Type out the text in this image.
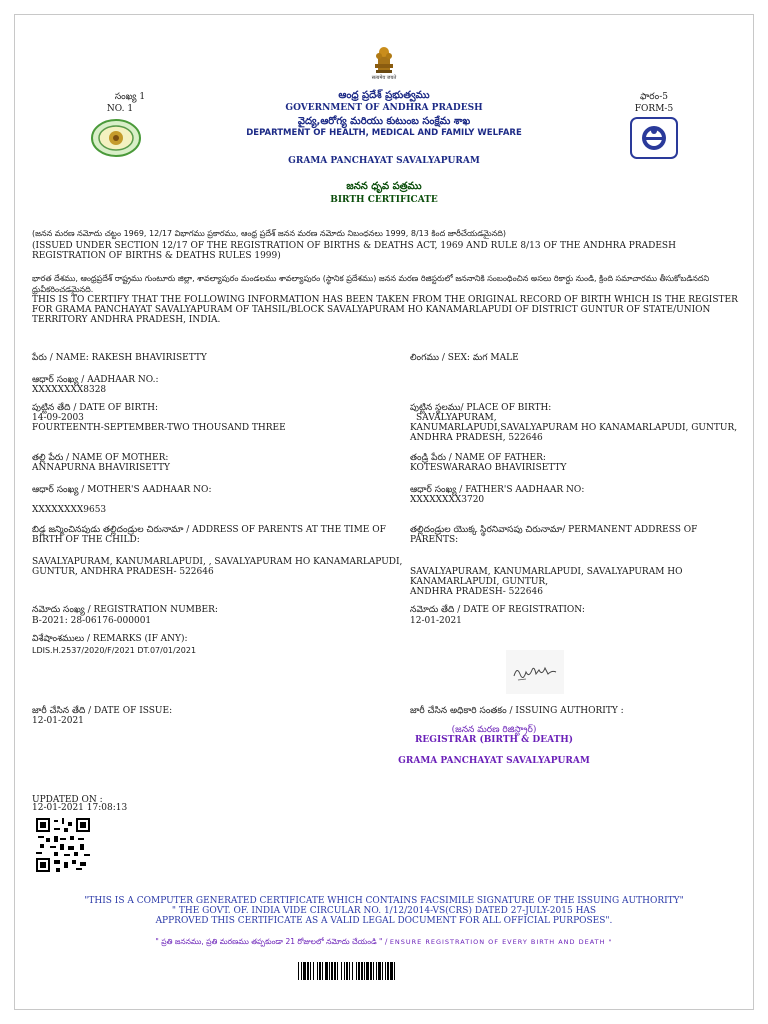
सत्यमेव जयते
సంఖ్య 1
NO. 1
ఆంధ్ర ప్రదేశ్ ప్రభుత్వము
GOVERNMENT OF ANDHRA PRADESH
వైద్య,ఆరోగ్య మరియు కుటుంబ సంక్షేమ శాఖ
DEPARTMENT OF HEALTH, MEDICAL AND FAMILY WELFARE
ఫారం-5
FORM-5
GRAMA PANCHAYAT SAVALYAPURAM
జనన ధృవ పత్రము
BIRTH CERTIFICATE
(జనన మరణ నమోదు చట్టం 1969, 12/17 విభాగము ప్రకారము, ఆంధ్ర ప్రదేశ్ జనన మరణ నమోదు నిబంధనలు 1999, 8/13 కింద జారీచేయడమైనది)
(ISSUED UNDER SECTION 12/17 OF THE REGISTRATION OF BIRTHS & DEATHS ACT, 1969 AND RULE 8/13 OF THE ANDHRA PRADESH REGISTRATION OF BIRTHS & DEATHS RULES 1999)
భారత దేశము, ఆంధ్రప్రదేశ్ రాష్ట్రము గుంటూరు జిల్లా, శావల్యాపురం మండలము శావల్యాపురం (స్థానిక ప్రదేశము) జనన మరణ రిజిస్టరులో జననానికి సంబంధించిన అసలు రికార్డు నుండి, క్రింది సమాచారము తీసుకోబడినదని ధ్రువీకరించడమైనది.
THIS IS TO CERTIFY THAT THE FOLLOWING INFORMATION HAS BEEN TAKEN FROM THE ORIGINAL RECORD OF BIRTH WHICH IS THE REGISTER FOR GRAMA PANCHAYAT SAVALYAPURAM OF TAHSIL/BLOCK SAVALYAPURAM HO KANAMARLAPUDI OF DISTRICT GUNTUR OF STATE/UNION TERRITORY ANDHRA PRADESH, INDIA.
పేరు / NAME: RAKESH BHAVIRISETTY	లింగము / SEX: మగ MALE
ఆధార్ సంఖ్య / AADHAAR NO.:
XXXXXXXX8328
పుట్టిన తేది / DATE OF BIRTH:
14-09-2003
FOURTEENTH-SEPTEMBER-TWO THOUSAND THREE
పుట్టిన స్థలము/ PLACE OF BIRTH:
SAVALYAPURAM,
KANUMARLAPUDI,SAVALYAPURAM HO KANAMARLAPUDI, GUNTUR,
ANDHRA PRADESH, 522646
తల్లి పేరు / NAME OF MOTHER:
ANNAPURNA BHAVIRISETTY
తండ్రి పేరు / NAME OF FATHER:
KOTESWARARAO BHAVIRISETTY
ఆధార్ సంఖ్య / MOTHER'S AADHAAR NO:
XXXXXXXX9653
ఆధార్ సంఖ్య / FATHER'S AADHAAR NO:
XXXXXXXX3720
బిడ్డ జన్మించినపుడు తల్లిదండ్రుల చిరునామా / ADDRESS OF PARENTS AT THE TIME OF
BIRTH OF THE CHILD:
SAVALYAPURAM, KANUMARLAPUDI, , SAVALYAPURAM HO KANAMARLAPUDI,
GUNTUR, ANDHRA PRADESH- 522646
తల్లిదండ్రుల యొక్క స్థిరనివాసపు చిరునామా/ PERMANENT ADDRESS OF
PARENTS:
SAVALYAPURAM, KANUMARLAPUDI, SAVALYAPURAM HO
KANAMARLAPUDI, GUNTUR,
ANDHRA PRADESH- 522646
నమోదు సంఖ్య / REGISTRATION NUMBER:
B-2021: 28-06176-000001
నమోదు తేది / DATE OF REGISTRATION:
12-01-2021
విశేషాంశములు / REMARKS (IF ANY):
LDIS.H.2537/2020/F/2021 DT.07/01/2021
జారీ చేసిన తేది / DATE OF ISSUE:
12-01-2021
జారీ చేసిన అధికారి సంతకం / ISSUING AUTHORITY :
(జనన మరణ రిజిస్ట్రార్)
REGISTRAR (BIRTH & DEATH)
GRAMA PANCHAYAT SAVALYAPURAM
UPDATED ON :
12-01-2021 17:08:13
"THIS IS A COMPUTER GENERATED CERTIFICATE WHICH CONTAINS FACSIMILE SIGNATURE OF THE ISSUING AUTHORITY"
" THE GOVT. OF. INDIA VIDE CIRCULAR NO. 1/12/2014-VS(CRS) DATED 27-JULY-2015 HAS
APPROVED THIS CERTIFICATE AS A VALID LEGAL DOCUMENT FOR ALL OFFICIAL PURPOSES".
" ప్రతి జననము, ప్రతి మరణము తప్పకుండా 21 రోజులలో నమోదు చేయండి " / ENSURE REGISTRATION OF EVERY BIRTH AND DEATH "
